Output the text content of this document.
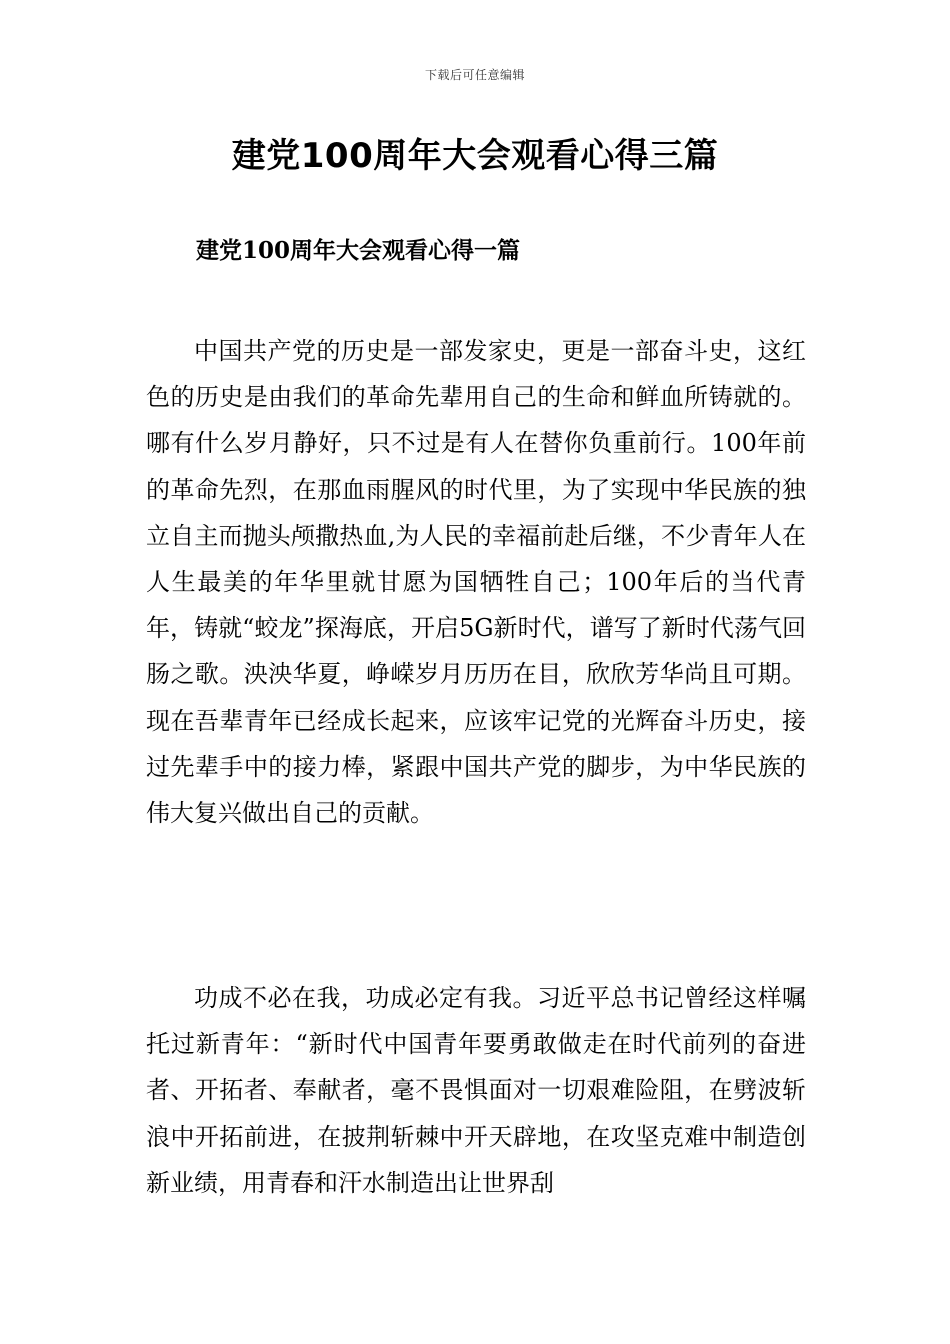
下载后可任意编辑
建党100周年大会观看心得三篇
建党100周年大会观看心得一篇

中国共产党的历史是一部发家史，更是一部奋斗史，这红色的历史是由我们的革命先辈用自己的生命和鲜血所铸就的。哪有什么岁月静好，只不过是有人在替你负重前行。100年前的革命先烈，在那血雨腥风的时代里，为了实现中华民族的独立自主而抛头颅撒热血,为人民的幸福前赴后继，不少青年人在人生最美的年华里就甘愿为国牺牲自己；100年后的当代青年，铸就“蛟龙”探海底，开启5G新时代，谱写了新时代荡气回肠之歌。泱泱华夏，峥嵘岁月历历在目，欣欣芳华尚且可期。现在吾辈青年已经成长起来，应该牢记党的光辉奋斗历史，接过先辈手中的接力棒，紧跟中国共产党的脚步，为中华民族的伟大复兴做出自己的贡献。

功成不必在我，功成必定有我。习近平总书记曾经这样嘱托过新青年：“新时代中国青年要勇敢做走在时代前列的奋进者、开拓者、奉献者，毫不畏惧面对一切艰难险阻，在劈波斩浪中开拓前进，在披荆斩棘中开天辟地，在攻坚克难中制造创新业绩，用青春和汗水制造出让世界刮
